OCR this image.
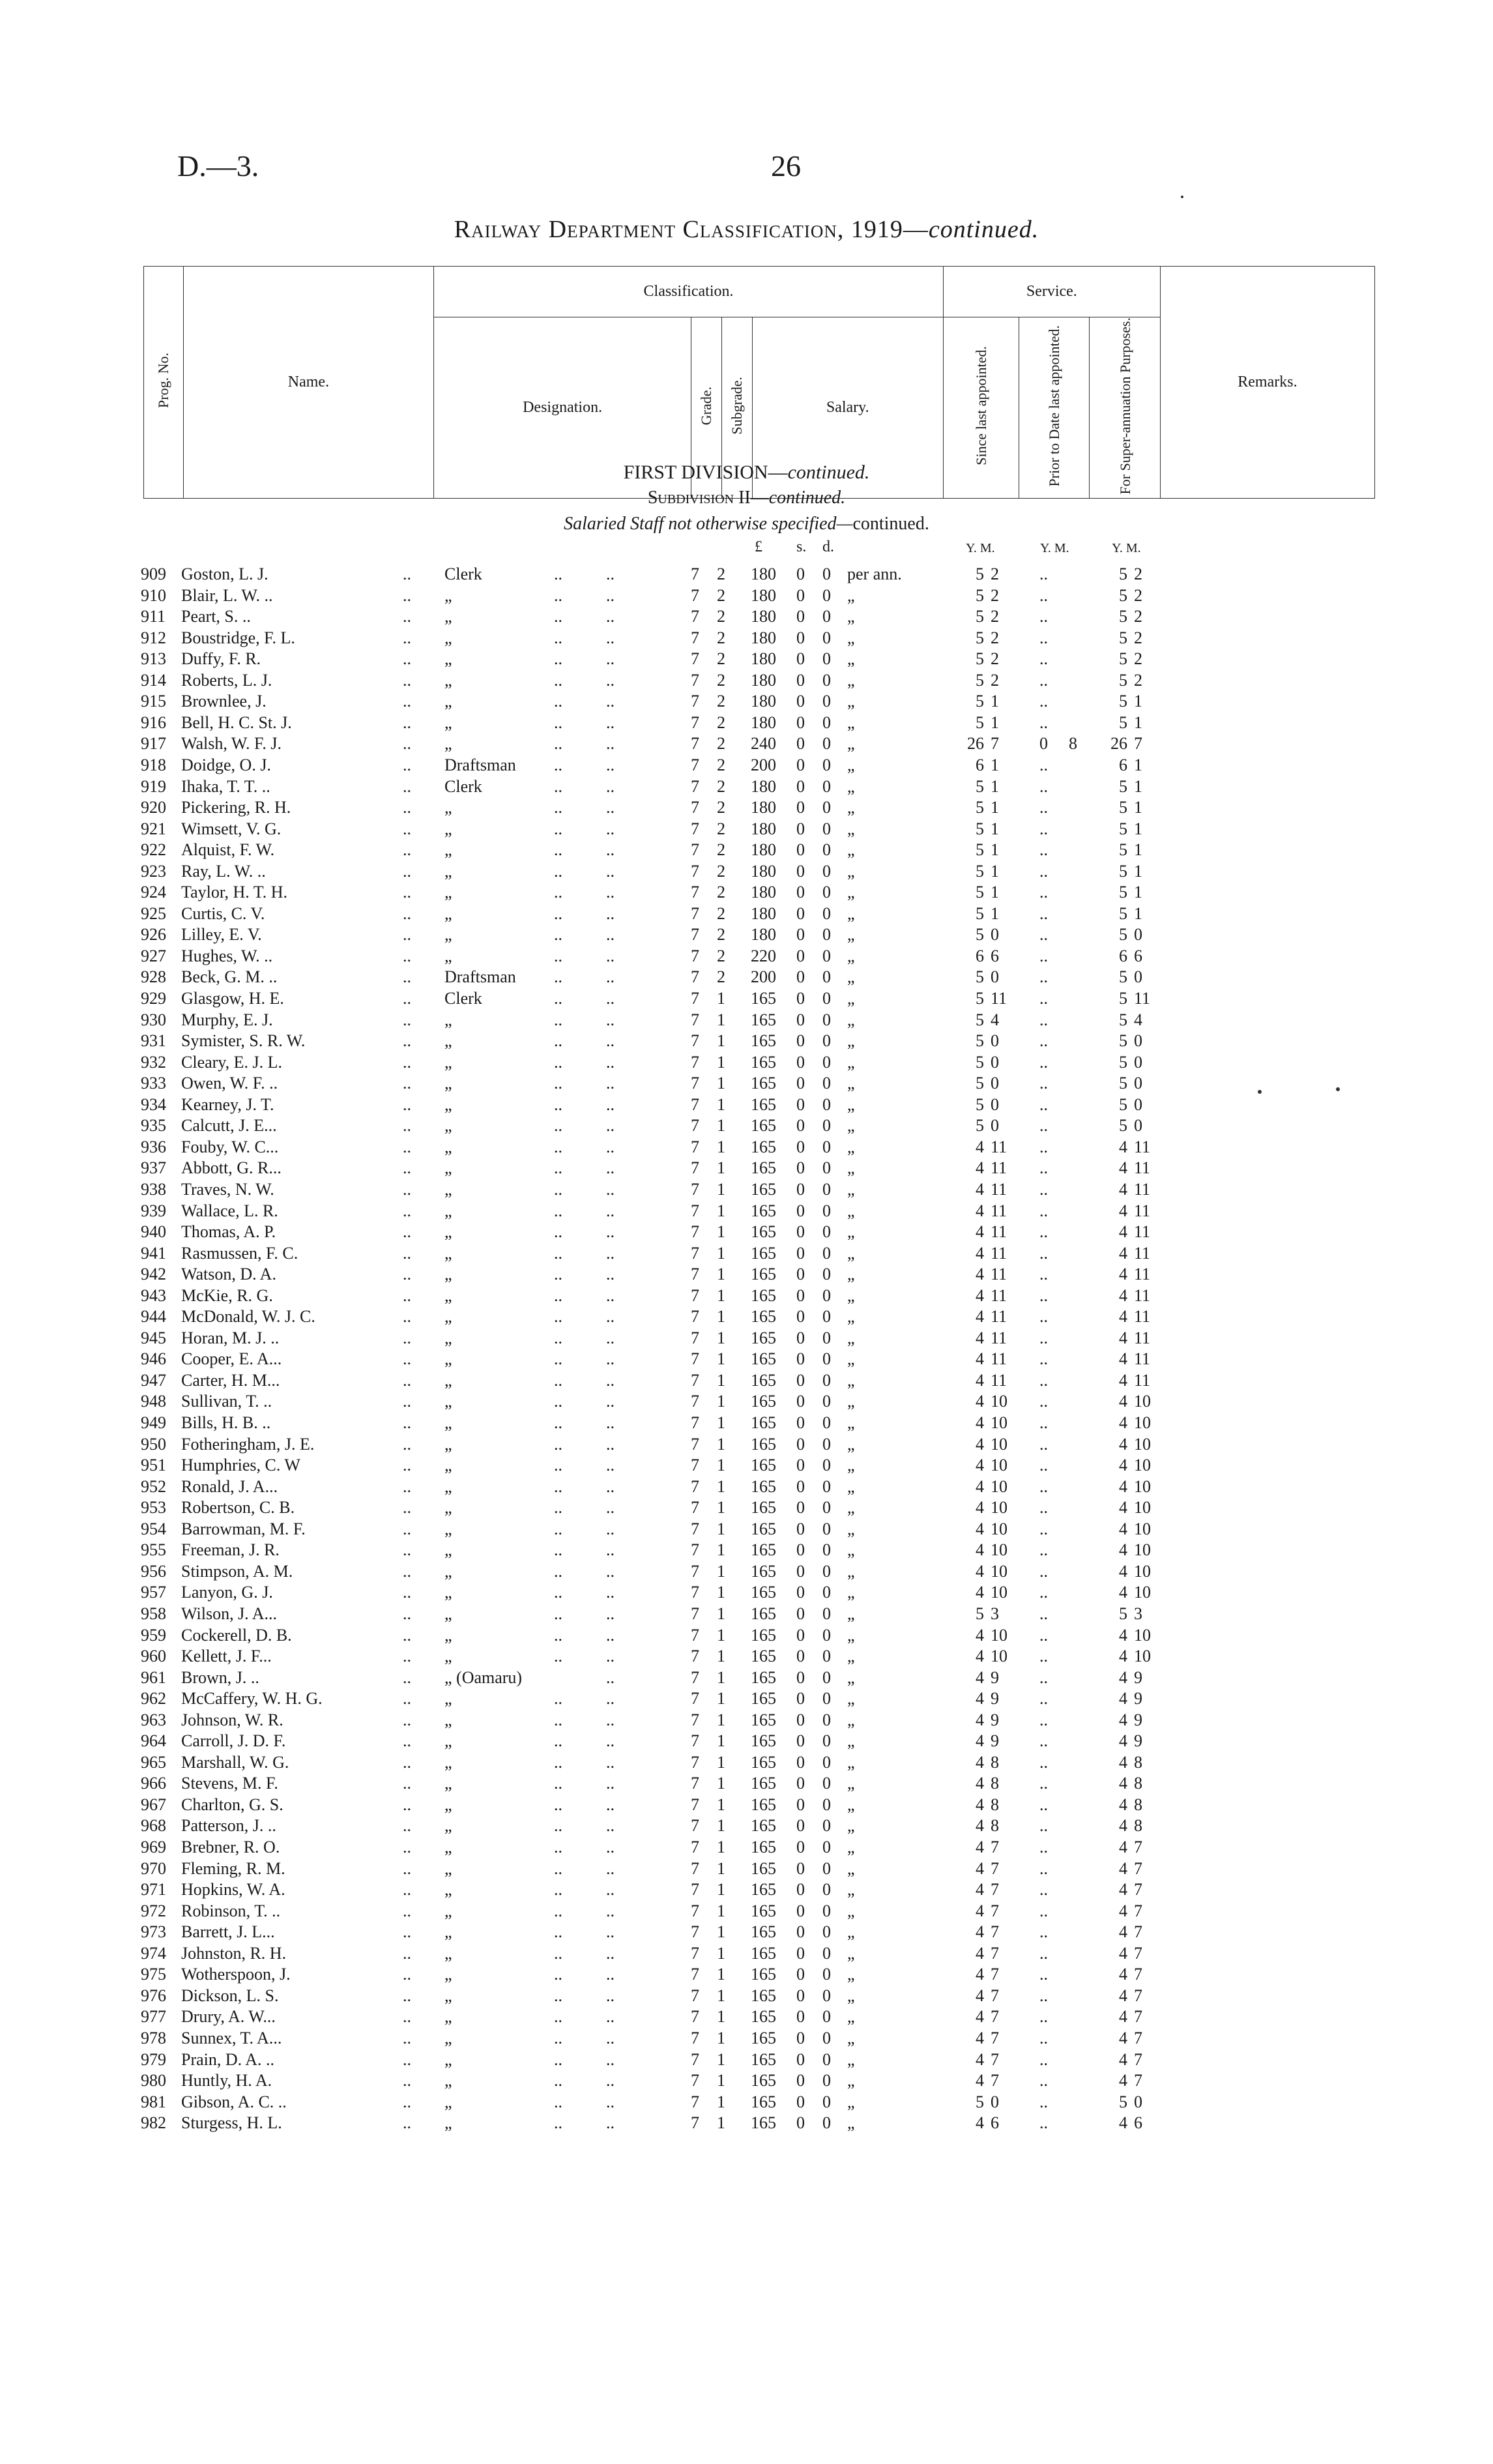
D.—3.	26
Railway Department Classification, 1919—continued.
Prog. No.	Name.	Classification.				Service.			Remarks.
		Designation.	Grade.	Subgrade.	Salary.	Since last appointed.	Prior to Date last appointed.	For Super-annuation Purposes.	
FIRST DIVISION—continued.
Subdivision II—continued.
Salaried Staff not otherwise specified—continued.
£ s. d.	Y. M.	Y. M.	Y. M.
909 Goston, L. J.	.. Clerk	..	..	7 2 180 0 0 per ann.	5 2	..	5 2
910 Blair, L. W. ..	.. „	..	..	7 2 180 0 0 „	5 2	..	5 2
911 Peart, S. ..	.. „	..	..	7 2 180 0 0 „	5 2	..	5 2
912 Boustridge, F. L.	.. „	..	..	7 2 180 0 0 „	5 2	..	5 2
913 Duffy, F. R.	.. „	..	..	7 2 180 0 0 „	5 2	..	5 2
914 Roberts, L. J.	.. „	..	..	7 2 180 0 0 „	5 2	..	5 2
915 Brownlee, J.	.. „	..	..	7 2 180 0 0 „	5 1	..	5 1
916 Bell, H. C. St. J.	.. „	..	..	7 2 180 0 0 „	5 1	..	5 1
917 Walsh, W. F. J.	.. „	..	..	7 2 240 0 0 „	26 7	0 8 26 7
918 Doidge, O. J.	.. Draftsman ..	..	7 2 200 0 0 „	6 1	..	6 1
919 Ihaka, T. T. ..	.. Clerk	..	..	7 2 180 0 0 „	5 1	..	5 1
920 Pickering, R. H.	.. „	..	..	7 2 180 0 0 „	5 1	..	5 1
921 Wimsett, V. G.	.. „	..	..	7 2 180 0 0 „	5 1	..	5 1
922 Alquist, F. W.	.. „	..	..	7 2 180 0 0 „	5 1	..	5 1
923 Ray, L. W. ..	.. „	..	..	7 2 180 0 0 „	5 1	..	5 1
924 Taylor, H. T. H.	.. „	..	..	7 2 180 0 0 „	5 1	..	5 1
925 Curtis, C. V.	.. „	..	..	7 2 180 0 0 „	5 1	..	5 1
926 Lilley, E. V.	.. „	..	..	7 2 180 0 0 „	5 0	..	5 0
927 Hughes, W. ..	.. „	..	..	7 2 220 0 0 „	6 6	..	6 6
928 Beck, G. M. ..	.. Draftsman ..	..	7 2 200 0 0 „	5 0	..	5 0
929 Glasgow, H. E.	.. Clerk	..	..	7 1 165 0 0 „	5 11	..	5 11
930 Murphy, E. J.	.. „	..	..	7 1 165 0 0 „	5 4	..	5 4
931 Symister, S. R. W.	.. „	..	..	7 1 165 0 0 „	5 0	..	5 0
932 Cleary, E. J. L.	.. „	..	..	7 1 165 0 0 „	5 0	..	5 0
933 Owen, W. F. ..	.. „	..	..	7 1 165 0 0 „	5 0	..	5 0
934 Kearney, J. T.	.. „	..	..	7 1 165 0 0 „	5 0	..	5 0
935 Calcutt, J. E...	.. „	..	..	7 1 165 0 0 „	5 0	..	5 0
936 Fouby, W. C...	.. „	..	..	7 1 165 0 0 „	4 11	..	4 11
937 Abbott, G. R...	.. „	..	..	7 1 165 0 0 „	4 11	..	4 11
938 Traves, N. W.	.. „	..	..	7 1 165 0 0 „	4 11	..	4 11
939 Wallace, L. R.	.. „	..	..	7 1 165 0 0 „	4 11	..	4 11
940 Thomas, A. P.	.. „	..	..	7 1 165 0 0 „	4 11	..	4 11
941 Rasmussen, F. C.	.. „	..	..	7 1 165 0 0 „	4 11	..	4 11
942 Watson, D. A.	.. „	..	..	7 1 165 0 0 „	4 11	..	4 11
943 McKie, R. G.	.. „	..	..	7 1 165 0 0 „	4 11	..	4 11
944 McDonald, W. J. C.	.. „	..	..	7 1 165 0 0 „	4 11	..	4 11
945 Horan, M. J. ..	.. „	..	..	7 1 165 0 0 „	4 11	..	4 11
946 Cooper, E. A...	.. „	..	..	7 1 165 0 0 „	4 11	..	4 11
947 Carter, H. M...	.. „	..	..	7 1 165 0 0 „	4 11	..	4 11
948 Sullivan, T. ..	.. „	..	..	7 1 165 0 0 „	4 10	..	4 10
949 Bills, H. B. ..	.. „	..	..	7 1 165 0 0 „	4 10	..	4 10
950 Fotheringham, J. E.	.. „	..	..	7 1 165 0 0 „	4 10	..	4 10
951 Humphries, C. W	.. „	..	..	7 1 165 0 0 „	4 10	..	4 10
952 Ronald, J. A...	.. „	..	..	7 1 165 0 0 „	4 10	..	4 10
953 Robertson, C. B.	.. „	..	..	7 1 165 0 0 „	4 10	..	4 10
954 Barrowman, M. F.	.. „	..	..	7 1 165 0 0 „	4 10	..	4 10
955 Freeman, J. R.	.. „	..	..	7 1 165 0 0 „	4 10	..	4 10
956 Stimpson, A. M.	.. „	..	..	7 1 165 0 0 „	4 10	..	4 10
957 Lanyon, G. J.	.. „	..	..	7 1 165 0 0 „	4 10	..	4 10
958 Wilson, J. A...	.. „	..	..	7 1 165 0 0 „	5 3	..	5 3
959 Cockerell, D. B.	.. „	..	..	7 1 165 0 0 „	4 10	..	4 10
960 Kellett, J. F...	.. „	..	..	7 1 165 0 0 „	4 10	..	4 10
961 Brown, J. ..	.. „ (Oamaru)	..	7 1 165 0 0 „	4 9	..	4 9
962 McCaffery, W. H. G.	.. „	..	..	7 1 165 0 0 „	4 9	..	4 9
963 Johnson, W. R.	.. „	..	..	7 1 165 0 0 „	4 9	..	4 9
964 Carroll, J. D. F.	.. „	..	..	7 1 165 0 0 „	4 9	..	4 9
965 Marshall, W. G.	.. „	..	..	7 1 165 0 0 „	4 8	..	4 8
966 Stevens, M. F.	.. „	..	..	7 1 165 0 0 „	4 8	..	4 8
967 Charlton, G. S.	.. „	..	..	7 1 165 0 0 „	4 8	..	4 8
968 Patterson, J. ..	.. „	..	..	7 1 165 0 0 „	4 8	..	4 8
969 Brebner, R. O.	.. „	..	..	7 1 165 0 0 „	4 7	..	4 7
970 Fleming, R. M.	.. „	..	..	7 1 165 0 0 „	4 7	..	4 7
971 Hopkins, W. A.	.. „	..	..	7 1 165 0 0 „	4 7	..	4 7
972 Robinson, T. ..	.. „	..	..	7 1 165 0 0 „	4 7	..	4 7
973 Barrett, J. L...	.. „	..	..	7 1 165 0 0 „	4 7	..	4 7
974 Johnston, R. H.	.. „	..	..	7 1 165 0 0 „	4 7	..	4 7
975 Wotherspoon, J.	.. „	..	..	7 1 165 0 0 „	4 7	..	4 7
976 Dickson, L. S.	.. „	..	..	7 1 165 0 0 „	4 7	..	4 7
977 Drury, A. W...	.. „	..	..	7 1 165 0 0 „	4 7	..	4 7
978 Sunnex, T. A...	.. „	..	..	7 1 165 0 0 „	4 7	..	4 7
979 Prain, D. A. ..	.. „	..	..	7 1 165 0 0 „	4 7	..	4 7
980 Huntly, H. A.	.. „	..	..	7 1 165 0 0 „	4 7	..	4 7
981 Gibson, A. C. ..	.. „	..	..	7 1 165 0 0 „	5 0	..	5 0
982 Sturgess, H. L.	.. „	..	..	7 1 165 0 0 „	4 6	..	4 6
